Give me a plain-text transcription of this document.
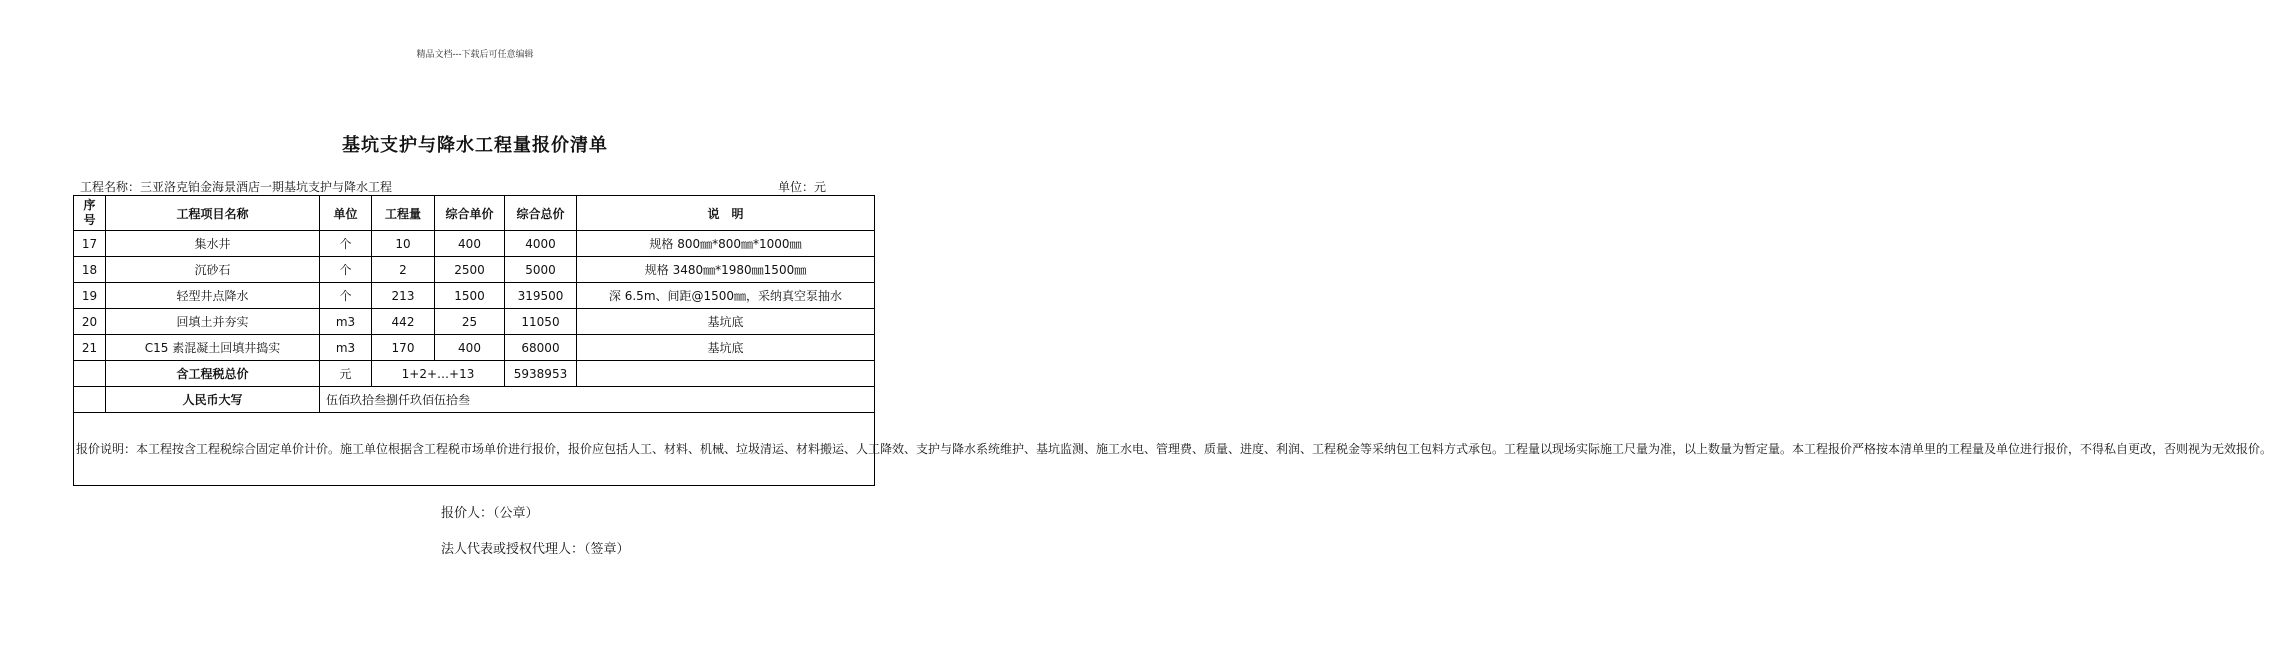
精品文档---下载后可任意编辑
基坑支护与降水工程量报价清单
工程名称：三亚洛克铂金海景酒店一期基坑支护与降水工程	单位：元
序
号	工程项目名称	单位	工程量	综合单价	综合总价	说　明
17	集水井	个	10	400	4000	规格 800㎜*800㎜*1000㎜
18	沉砂石	个	2	2500	5000	规格 3480㎜*1980㎜1500㎜
19	轻型井点降水	个	213	1500	319500	深 6.5m、间距@1500㎜，采纳真空泵抽水
20	回填土并夯实	m3	442	25	11050	基坑底
21	C15 素混凝土回填井捣实	m3	170	400	68000	基坑底
	含工程税总价	元	1+2+…+13		5938953	
	人民币大写	伍佰玖拾叁捌仟玖佰伍拾叁				
报价说明：本工程按含工程税综合固定单价计价。施工单位根据含工程税市场单价进行报价，报价应包括人工、材料、机械、垃圾清运、材料搬运、人工降效、支护与降水系统维护、基坑监测、施工水电、管理费、质量、进度、利润、工程税金等采纳包工包料方式承包。工程量以现场实际施工尺量为准，以上数量为暂定量。本工程报价严格按本清单里的工程量及单位进行报价，不得私自更改，否则视为无效报价。						
报价人：（公章）
法人代表或授权代理人：（签章）
